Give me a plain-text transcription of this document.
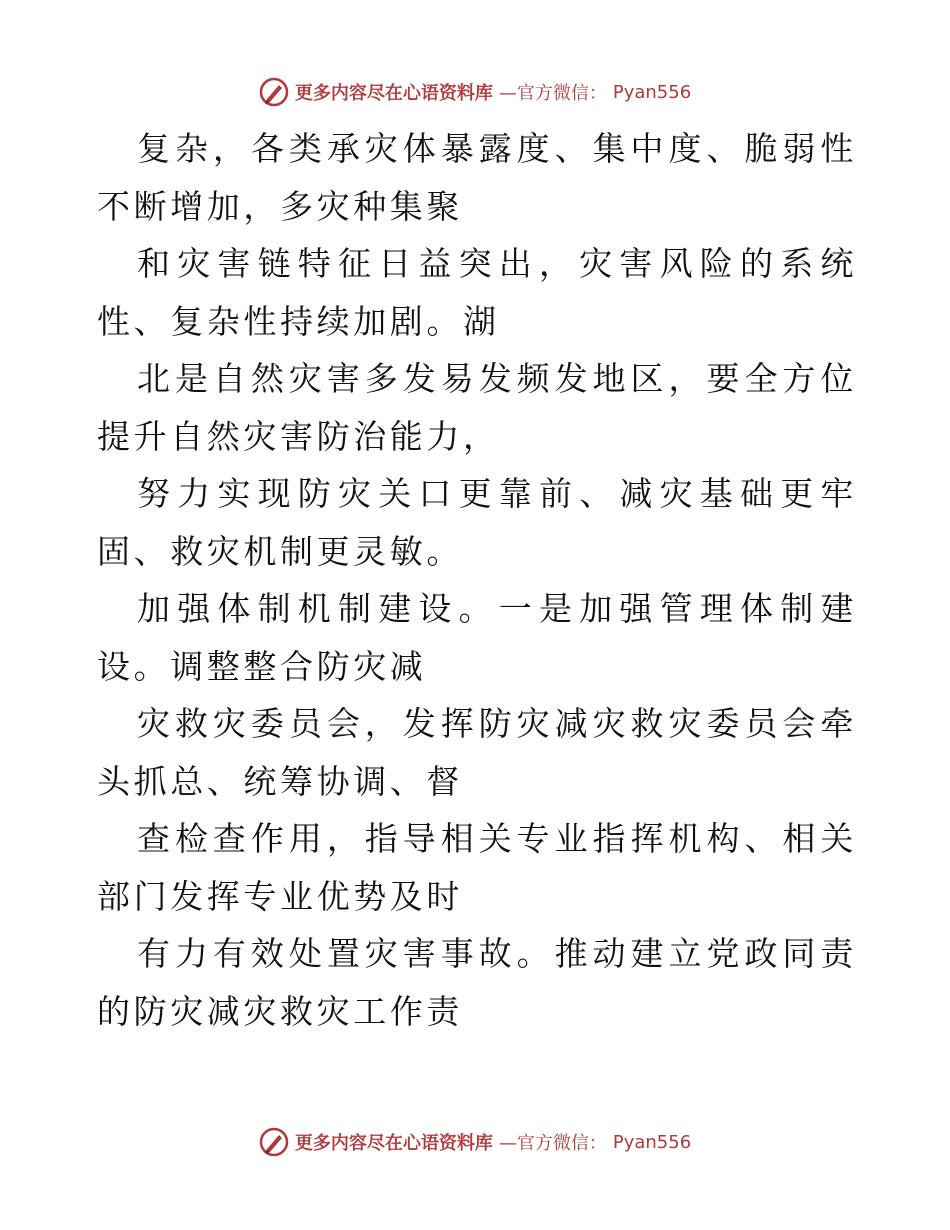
更多内容尽在心语资料库 —官方微信： Pyan556

复杂，各类承灾体暴露度、集中度、脆弱性不断增加，多灾种集聚

和灾害链特征日益突出，灾害风险的系统性、复杂性持续加剧。湖

北是自然灾害多发易发频发地区，要全方位提升自然灾害防治能力，

努力实现防灾关口更靠前、减灾基础更牢固、救灾机制更灵敏。

加强体制机制建设。一是加强管理体制建设。调整整合防灾减

灾救灾委员会，发挥防灾减灾救灾委员会牵头抓总、统筹协调、督

查检查作用，指导相关专业指挥机构、相关部门发挥专业优势及时

有力有效处置灾害事故。推动建立党政同责的防灾减灾救灾工作责

更多内容尽在心语资料库 —官方微信： Pyan556
